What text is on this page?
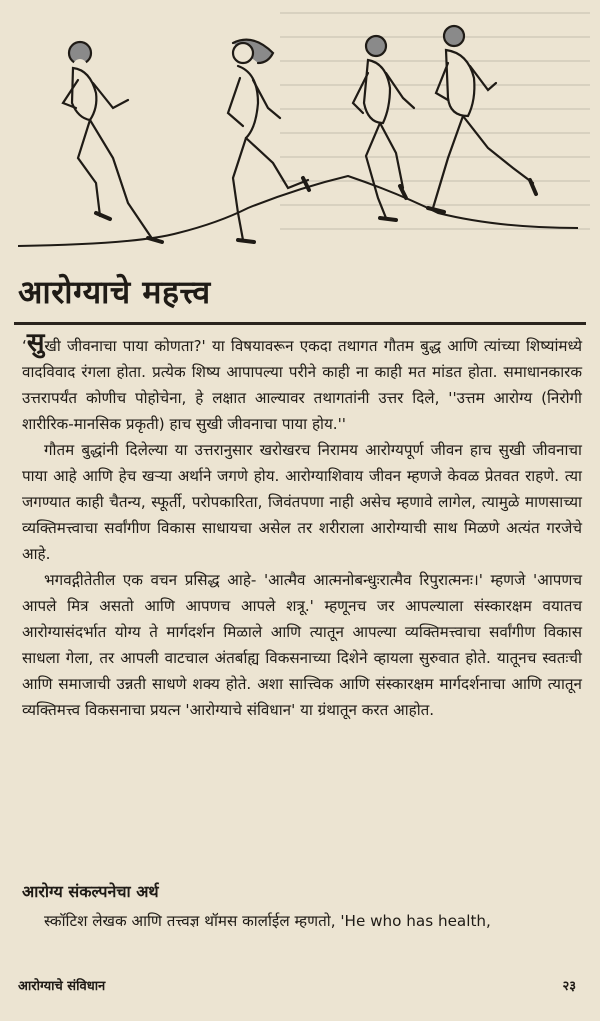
आरोग्याचे महत्त्व

‘सुखी जीवनाचा पाया कोणता?' या विषयावरून एकदा तथागत गौतम बुद्ध आणि त्यांच्या शिष्यांमध्ये वादविवाद रंगला होता. प्रत्येक शिष्य आपापल्या परीने काही ना काही मत मांडत होता. समाधानकारक उत्तरापर्यंत कोणीच पोहोचेना, हे लक्षात आल्यावर तथागतांनी उत्तर दिले, ''उत्तम आरोग्य (निरोगी शारीरिक-मानसिक प्रकृती) हाच सुखी जीवनाचा पाया होय.''

गौतम बुद्धांनी दिलेल्या या उत्तरानुसार खरोखरच निरामय आरोग्यपूर्ण जीवन हाच सुखी जीवनाचा पाया आहे आणि हेच खऱ्या अर्थाने जगणे होय. आरोग्याशिवाय जीवन म्हणजे केवळ प्रेतवत राहणे. त्या जगण्यात काही चैतन्य, स्फूर्ती, परोपकारिता, जिवंतपणा नाही असेच म्हणावे लागेल, त्यामुळे माणसाच्या व्यक्तिमत्त्वाचा सर्वांगीण विकास साधायचा असेल तर शरीराला आरोग्याची साथ मिळणे अत्यंत गरजेचे आहे.

भगवद्गीतेतील एक वचन प्रसिद्ध आहे- 'आत्मैव आत्मनोबन्धुःरात्मैव रिपुरात्मनः।' म्हणजे 'आपणच आपले मित्र असतो आणि आपणच आपले शत्रू.' म्हणूनच जर आपल्याला संस्कारक्षम वयातच आरोग्यासंदर्भात योग्य ते मार्गदर्शन मिळाले आणि त्यातून आपल्या व्यक्तिमत्त्वाचा सर्वांगीण विकास साधला गेला, तर आपली वाटचाल अंतर्बाह्य विकसनाच्या दिशेने व्हायला सुरुवात होते. यातूनच स्वतःची आणि समाजाची उन्नती साधणे शक्य होते. अशा सात्त्विक आणि संस्कारक्षम मार्गदर्शनाचा आणि त्यातून व्यक्तिमत्त्व विकसनाचा प्रयत्न 'आरोग्याचे संविधान' या ग्रंथातून करत आहोत.

आरोग्य संकल्पनेचा अर्थ
स्कॉटिश लेखक आणि तत्त्वज्ञ थॉमस कार्लाईल म्हणतो, 'He who has health,
आरोग्याचे संविधान	२३
